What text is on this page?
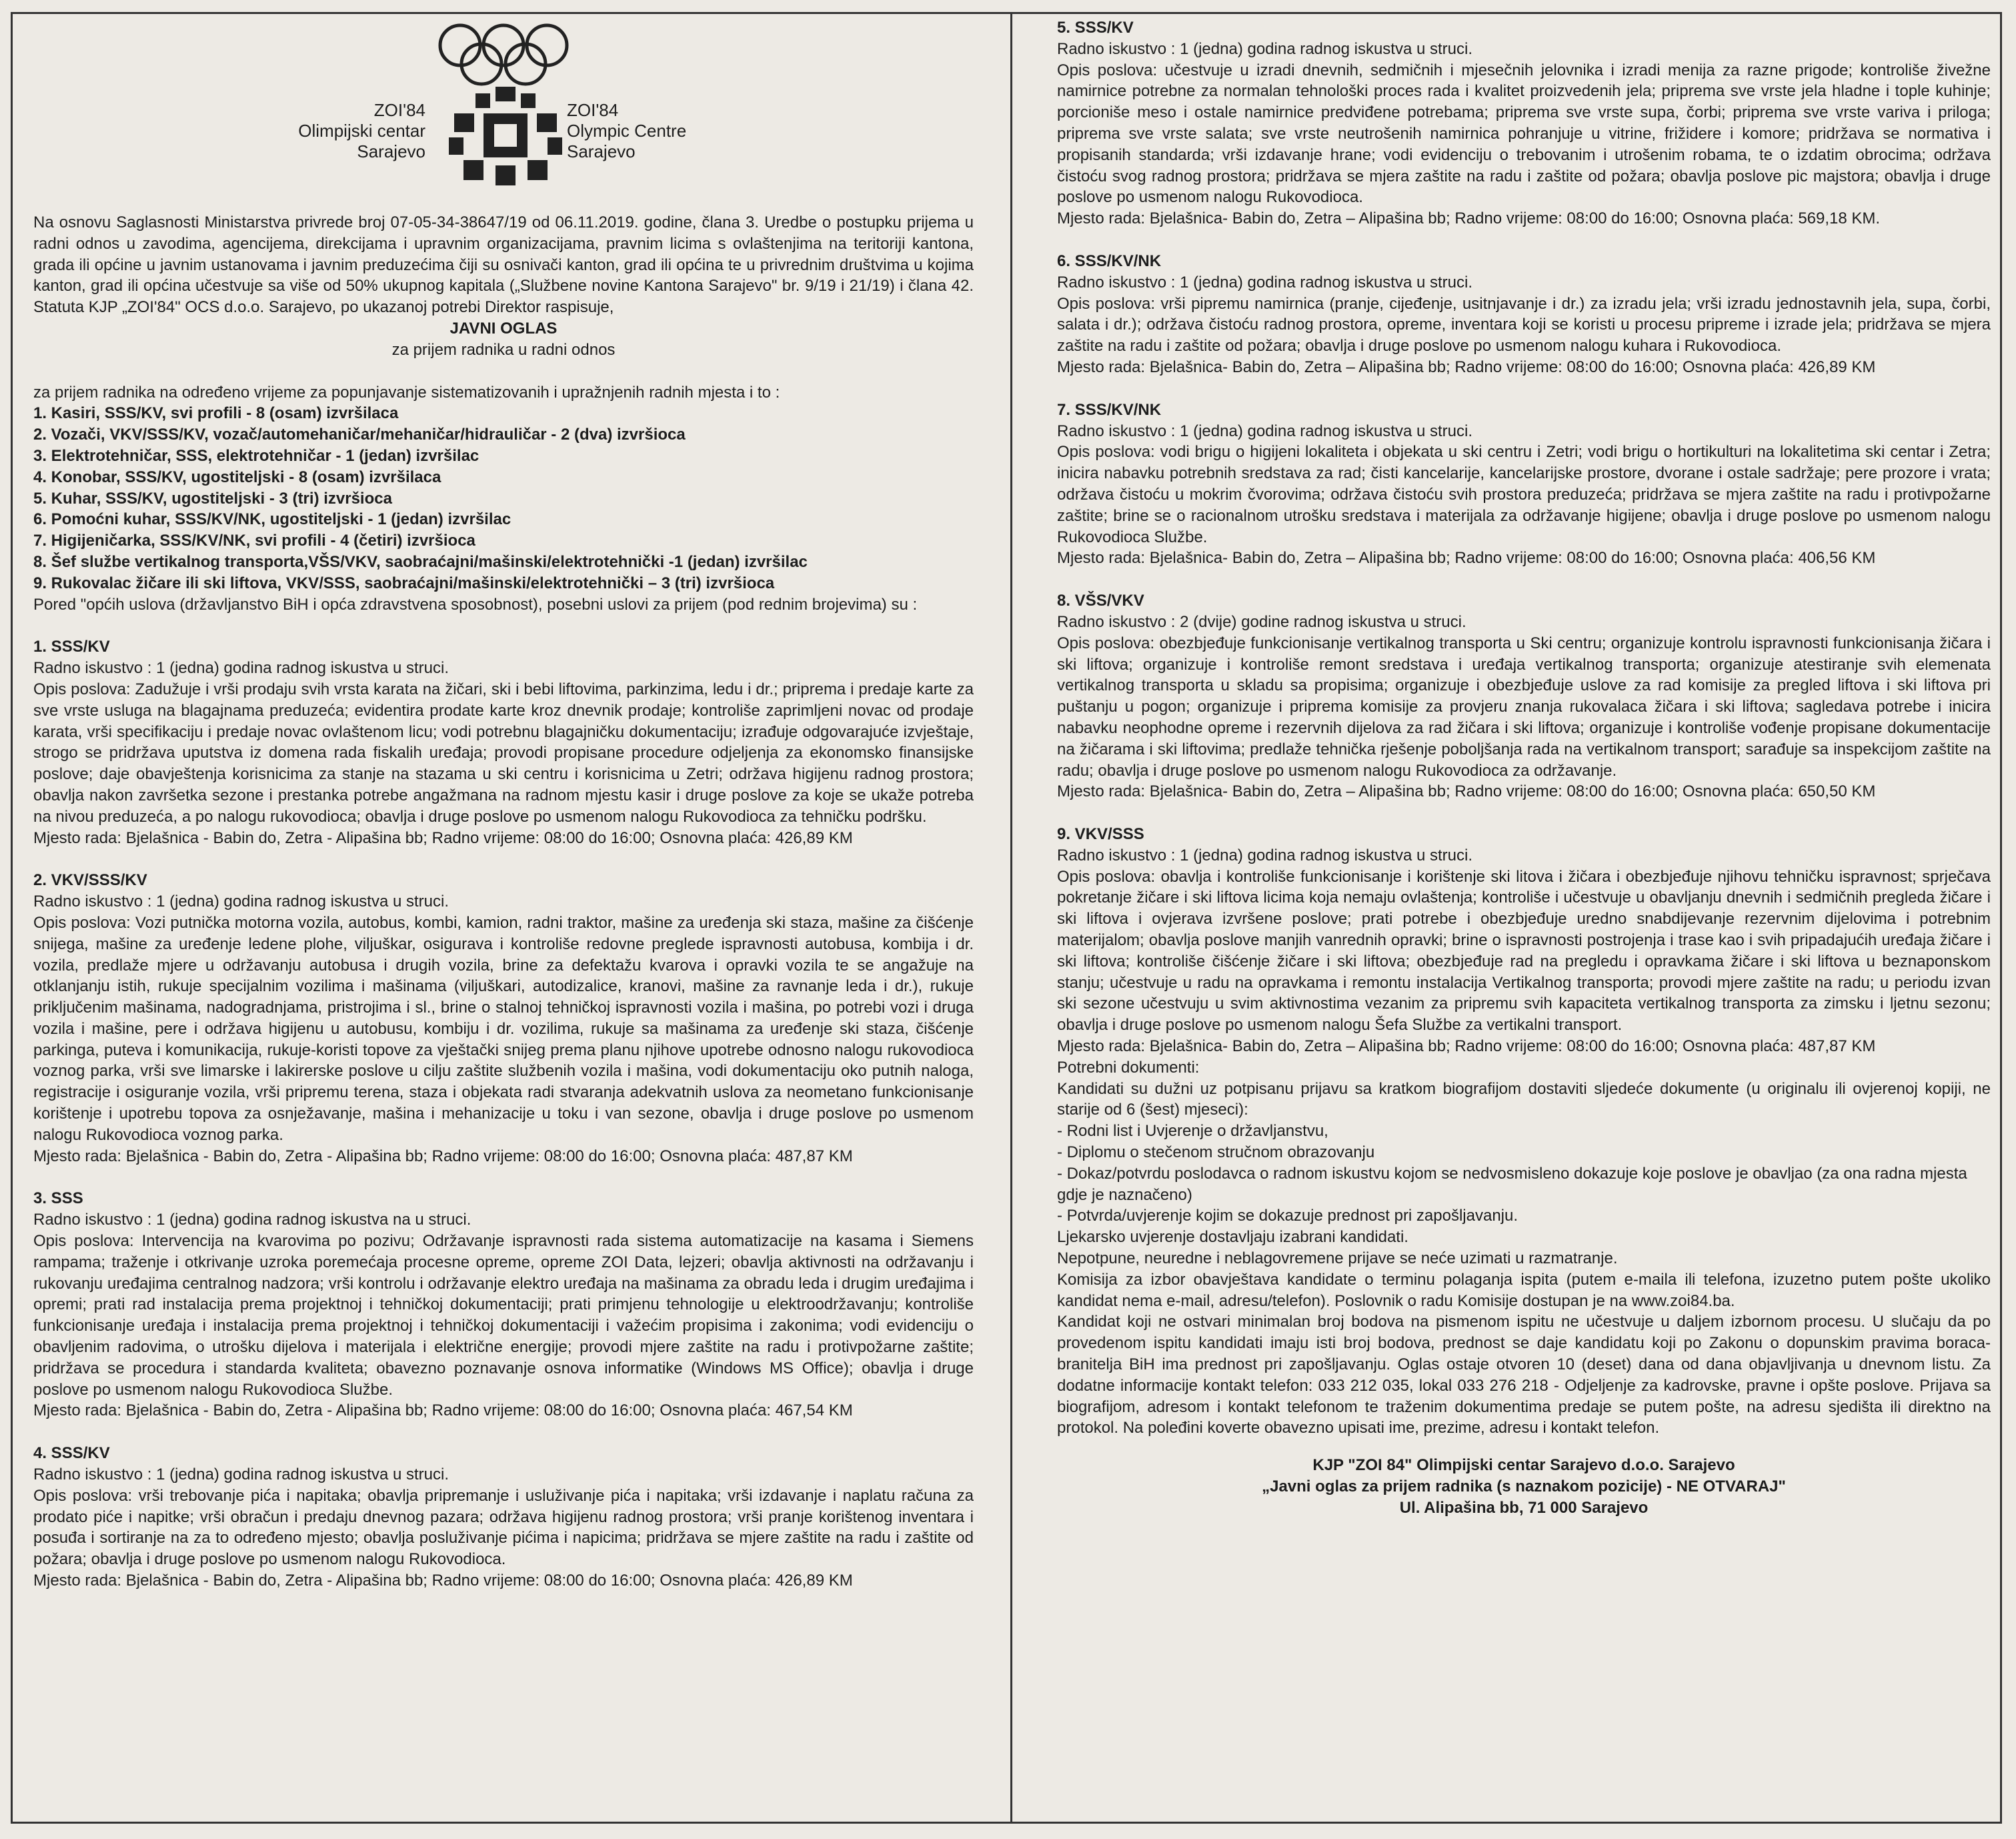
ZOI'84
Olimpijski centar
Sarajevo
ZOI'84
Olympic Centre
Sarajevo

Na osnovu Saglasnosti Ministarstva privrede broj 07-05-34-38647/19 od 06.11.2019. godine, člana 3. Uredbe o postupku prijema u radni odnos u zavodima, agencijema, direkcijama i upravnim organizacijama, pravnim licima s ovlaštenjima na teritoriji kantona, grada ili općine u javnim ustanovama i javnim preduzećima čiji su osnivači kanton, grad ili općina te u privrednim društvima u kojima kanton, grad ili općina učestvuje sa više od 50% ukupnog kapitala („Službene novine Kantona Sarajevo" br. 9/19 i 21/19) i člana 42. Statuta KJP „ZOI'84" OCS d.o.o. Sarajevo, po ukazanoj potrebi Direktor raspisuje,

JAVNI OGLAS

za prijem radnika u radni odnos

za prijem radnika na određeno vrijeme za popunjavanje sistematizovanih i upražnjenih radnih mjesta i to :

1. Kasiri, SSS/KV, svi profili - 8 (osam) izvršilaca
2. Vozači, VKV/SSS/KV, vozač/automehaničar/mehaničar/hidrauličar - 2 (dva) izvršioca
3. Elektrotehničar, SSS, elektrotehničar - 1 (jedan) izvršilac
4. Konobar, SSS/KV, ugostiteljski - 8 (osam) izvršilaca
5. Kuhar, SSS/KV, ugostiteljski - 3 (tri) izvršioca
6. Pomoćni kuhar, SSS/KV/NK, ugostiteljski - 1 (jedan) izvršilac
7. Higijeničarka, SSS/KV/NK, svi profili - 4 (četiri) izvršioca
8. Šef službe vertikalnog transporta,VŠS/VKV, saobraćajni/mašinski/elektrotehnički -1 (jedan) izvršilac
9. Rukovalac žičare ili ski liftova, VKV/SSS, saobraćajni/mašinski/elektrotehnički – 3 (tri) izvršioca

Pored "općih uslova (državljanstvo BiH i opća zdravstvena sposobnost), posebni uslovi za prijem (pod rednim brojevima) su :

1. SSS/KV

Radno iskustvo : 1 (jedna) godina radnog iskustva u struci.

Opis poslova: Zadužuje i vrši prodaju svih vrsta karata na žičari, ski i bebi liftovima, parkinzima, ledu i dr.; priprema i predaje karte za sve vrste usluga na blagajnama preduzeća; evidentira prodate karte kroz dnevnik prodaje; kontroliše zaprimljeni novac od prodaje karata, vrši specifikaciju i predaje novac ovlaštenom licu; vodi potrebnu blagajničku dokumentaciju; izrađuje odgovarajuće izvještaje, strogo se pridržava uputstva iz domena rada fiskalih uređaja; provodi propisane procedure odjeljenja za ekonomsko finansijske poslove; daje obavještenja korisnicima za stanje na stazama u ski centru i korisnicima u Zetri; održava higijenu radnog prostora; obavlja nakon završetka sezone i prestanka potrebe angažmana na radnom mjestu kasir i druge poslove za koje se ukaže potreba na nivou preduzeća, a po nalogu rukovodioca; obavlja i druge poslove po usmenom nalogu Rukovodioca za tehničku podršku.

Mjesto rada: Bjelašnica - Babin do, Zetra - Alipašina bb; Radno vrijeme: 08:00 do 16:00; Osnovna plaća: 426,89 KM

2. VKV/SSS/KV

Radno iskustvo : 1 (jedna) godina radnog iskustva u struci.

Opis poslova: Vozi putnička motorna vozila, autobus, kombi, kamion, radni traktor, mašine za uređenja ski staza, mašine za čišćenje snijega, mašine za uređenje ledene plohe, viljuškar, osigurava i kontroliše redovne preglede ispravnosti autobusa, kombija i dr. vozila, predlaže mjere u održavanju autobusa i drugih vozila, brine za defektažu kvarova i opravki vozila te se angažuje na otklanjanju istih, rukuje specijalnim vozilima i mašinama (viljuškari, autodizalice, kranovi, mašine za ravnanje leda i dr.), rukuje priključenim mašinama, nadogradnjama, pristrojima i sl., brine o stalnoj tehničkoj ispravnosti vozila i mašina, po potrebi vozi i druga vozila i mašine, pere i održava higijenu u autobusu, kombiju i dr. vozilima, rukuje sa mašinama za uređenje ski staza, čišćenje parkinga, puteva i komunikacija, rukuje-koristi topove za vještački snijeg prema planu njihove upotrebe odnosno nalogu rukovodioca voznog parka, vrši sve limarske i lakirerske poslove u cilju zaštite službenih vozila i mašina, vodi dokumentaciju oko putnih naloga, registracije i osiguranje vozila, vrši pripremu terena, staza i objekata radi stvaranja adekvatnih uslova za neometano funkcionisanje korištenje i upotrebu topova za osnježavanje, mašina i mehanizacije u toku i van sezone, obavlja i druge poslove po usmenom nalogu Rukovodioca voznog parka.

Mjesto rada: Bjelašnica - Babin do, Zetra - Alipašina bb; Radno vrijeme: 08:00 do 16:00; Osnovna plaća: 487,87 KM

3. SSS

Radno iskustvo : 1 (jedna) godina radnog iskustva na u struci.

Opis poslova: Intervencija na kvarovima po pozivu; Održavanje ispravnosti rada sistema automatizacije na kasama i Siemens rampama; traženje i otkrivanje uzroka poremećaja procesne opreme, opreme ZOI Data, lejzeri; obavlja aktivnosti na održavanju i rukovanju uređajima centralnog nadzora; vrši kontrolu i održavanje elektro uređaja na mašinama za obradu leda i drugim uređajima i opremi; prati rad instalacija prema projektnoj i tehničkoj dokumentaciji; prati primjenu tehnologije u elektroodržavanju; kontroliše funkcionisanje uređaja i instalacija prema projektnoj i tehničkoj dokumentaciji i važećim propisima i zakonima; vodi evidenciju o obavljenim radovima, o utrošku dijelova i materijala i električne energije; provodi mjere zaštite na radu i protivpožarne zaštite; pridržava se procedura i standarda kvaliteta; obavezno poznavanje osnova informatike (Windows MS Office); obavlja i druge poslove po usmenom nalogu Rukovodioca Službe.

Mjesto rada: Bjelašnica - Babin do, Zetra - Alipašina bb; Radno vrijeme: 08:00 do 16:00; Osnovna plaća: 467,54 KM

4. SSS/KV

Radno iskustvo : 1 (jedna) godina radnog iskustva u struci.

Opis poslova: vrši trebovanje pića i napitaka; obavlja pripremanje i usluživanje pića i napitaka; vrši izdavanje i naplatu računa za prodato piće i napitke; vrši obračun i predaju dnevnog pazara; održava higijenu radnog prostora; vrši pranje korištenog inventara i posuđa i sortiranje na za to određeno mjesto; obavlja posluživanje pićima i napicima; pridržava se mjere zaštite na radu i zaštite od požara; obavlja i druge poslove po usmenom nalogu Rukovodioca.

Mjesto rada: Bjelašnica - Babin do, Zetra - Alipašina bb; Radno vrijeme: 08:00 do 16:00; Osnovna plaća: 426,89 KM

5. SSS/KV

Radno iskustvo : 1 (jedna) godina radnog iskustva u struci.

Opis poslova: učestvuje u izradi dnevnih, sedmičnih i mjesečnih jelovnika i izradi menija za razne prigode; kontroliše živežne namirnice potrebne za normalan tehnološki proces rada i kvalitet proizvedenih jela; priprema sve vrste jela hladne i tople kuhinje; porcioniše meso i ostale namirnice predviđene potrebama; priprema sve vrste supa, čorbi; priprema sve vrste variva i priloga; priprema sve vrste salata; sve vrste neutrošenih namirnica pohranjuje u vitrine, frižidere i komore; pridržava se normativa i propisanih standarda; vrši izdavanje hrane; vodi evidenciju o trebovanim i utrošenim robama, te o izdatim obrocima; održava čistoću svog radnog prostora; pridržava se mjera zaštite na radu i zaštite od požara; obavlja poslove pic majstora; obavlja i druge poslove po usmenom nalogu Rukovodioca.

Mjesto rada: Bjelašnica- Babin do, Zetra – Alipašina bb; Radno vrijeme: 08:00 do 16:00; Osnovna plaća: 569,18 KM.

6. SSS/KV/NK

Radno iskustvo : 1 (jedna) godina radnog iskustva u struci.

Opis poslova: vrši pipremu namirnica (pranje, cijeđenje, usitnjavanje i dr.) za izradu jela; vrši izradu jednostavnih jela, supa, čorbi, salata i dr.); održava čistoću radnog prostora, opreme, inventara koji se koristi u procesu pripreme i izrade jela; pridržava se mjera zaštite na radu i zaštite od požara; obavlja i druge poslove po usmenom nalogu kuhara i Rukovodioca.

Mjesto rada: Bjelašnica- Babin do, Zetra – Alipašina bb; Radno vrijeme: 08:00 do 16:00; Osnovna plaća: 426,89 KM

7. SSS/KV/NK

Radno iskustvo : 1 (jedna) godina radnog iskustva u struci.

Opis poslova: vodi brigu o higijeni lokaliteta i objekata u ski centru i Zetri; vodi brigu o hortikulturi na lokalitetima ski centar i Zetra; inicira nabavku potrebnih sredstava za rad; čisti kancelarije, kancelarijske prostore, dvorane i ostale sadržaje; pere prozore i vrata; održava čistoću u mokrim čvorovima; održava čistoću svih prostora preduzeća; pridržava se mjera zaštite na radu i protivpožarne zaštite; brine se o racionalnom utrošku sredstava i materijala za održavanje higijene; obavlja i druge poslove po usmenom nalogu Rukovodioca Službe.

Mjesto rada: Bjelašnica- Babin do, Zetra – Alipašina bb; Radno vrijeme: 08:00 do 16:00; Osnovna plaća: 406,56 KM

8. VŠS/VKV

Radno iskustvo : 2 (dvije) godine radnog iskustva u struci.

Opis poslova: obezbjeđuje funkcionisanje vertikalnog transporta u Ski centru; organizuje kontrolu ispravnosti funkcionisanja žičara i ski liftova; organizuje i kontroliše remont sredstava i uređaja vertikalnog transporta; organizuje atestiranje svih elemenata vertikalnog transporta u skladu sa propisima; organizuje i obezbjeđuje uslove za rad komisije za pregled liftova i ski liftova pri puštanju u pogon; organizuje i priprema komisije za provjeru znanja rukovalaca žičara i ski liftova; sagledava potrebe i inicira nabavku neophodne opreme i rezervnih dijelova za rad žičara i ski liftova; organizuje i kontroliše vođenje propisane dokumentacije na žičarama i ski liftovima; predlaže tehnička rješenje poboljšanja rada na vertikalnom transport; sarađuje sa inspekcijom zaštite na radu; obavlja i druge poslove po usmenom nalogu Rukovodioca za održavanje.

Mjesto rada: Bjelašnica- Babin do, Zetra – Alipašina bb; Radno vrijeme: 08:00 do 16:00; Osnovna plaća: 650,50 KM

9. VKV/SSS

Radno iskustvo : 1 (jedna) godina radnog iskustva u struci.

Opis poslova: obavlja i kontroliše funkcionisanje i korištenje ski litova i žičara i obezbjeđuje njihovu tehničku ispravnost; sprječava pokretanje žičare i ski liftova licima koja nemaju ovlaštenja; kontroliše i učestvuje u obavljanju dnevnih i sedmičnih pregleda žičare i ski liftova i ovjerava izvršene poslove; prati potrebe i obezbjeđuje uredno snabdijevanje rezervnim dijelovima i potrebnim materijalom; obavlja poslove manjih vanrednih opravki; brine o ispravnosti postrojenja i trase kao i svih pripadajućih uređaja žičare i ski liftova; kontroliše čišćenje žičare i ski liftova; obezbjeđuje rad na pregledu i opravkama žičare i ski liftova u beznaponskom stanju; učestvuje u radu na opravkama i remontu instalacija Vertikalnog transporta; provodi mjere zaštite na radu; u periodu izvan ski sezone učestvuju u svim aktivnostima vezanim za pripremu svih kapaciteta vertikalnog transporta za zimsku i ljetnu sezonu; obavlja i druge poslove po usmenom nalogu Šefa Službe za vertikalni transport.

Mjesto rada: Bjelašnica- Babin do, Zetra – Alipašina bb; Radno vrijeme: 08:00 do 16:00; Osnovna plaća: 487,87 KM

Potrebni dokumenti:

Kandidati su dužni uz potpisanu prijavu sa kratkom biografijom dostaviti sljedeće dokumente (u originalu ili ovjerenoj kopiji, ne starije od 6 (šest) mjeseci):

- Rodni list i Uvjerenje o državljanstvu,
- Diplomu o stečenom stručnom obrazovanju
- Dokaz/potvrdu poslodavca o radnom iskustvu kojom se nedvosmisleno dokazuje koje poslove je obavljao (za ona radna mjesta gdje je naznačeno)
- Potvrda/uvjerenje kojim se dokazuje prednost pri zapošljavanju.

Ljekarsko uvjerenje dostavljaju izabrani kandidati.

Nepotpune, neuredne i neblagovremene prijave se neće uzimati u razmatranje.

Komisija za izbor obavještava kandidate o terminu polaganja ispita (putem e-maila ili telefona, izuzetno putem pošte ukoliko kandidat nema e-mail, adresu/telefon). Poslovnik o radu Komisije dostupan je na www.zoi84.ba.

Kandidat koji ne ostvari minimalan broj bodova na pismenom ispitu ne učestvuje u daljem izbornom procesu. U slučaju da po provedenom ispitu kandidati imaju isti broj bodova, prednost se daje kandidatu koji po Zakonu o dopunskim pravima boraca-branitelja BiH ima prednost pri zapošljavanju. Oglas ostaje otvoren 10 (deset) dana od dana objavljivanja u dnevnom listu. Za dodatne informacije kontakt telefon: 033 212 035, lokal 033 276 218 - Odjeljenje za kadrovske, pravne i opšte poslove. Prijava sa biografijom, adresom i kontakt telefonom te traženim dokumentima predaje se putem pošte, na adresu sjedišta ili direktno na protokol. Na poleđini koverte obavezno upisati ime, prezime, adresu i kontakt telefon.

KJP "ZOI 84" Olimpijski centar Sarajevo d.o.o. Sarajevo
„Javni oglas za prijem radnika (s naznakom pozicije) - NE OTVARAJ"
Ul. Alipašina bb, 71 000 Sarajevo
